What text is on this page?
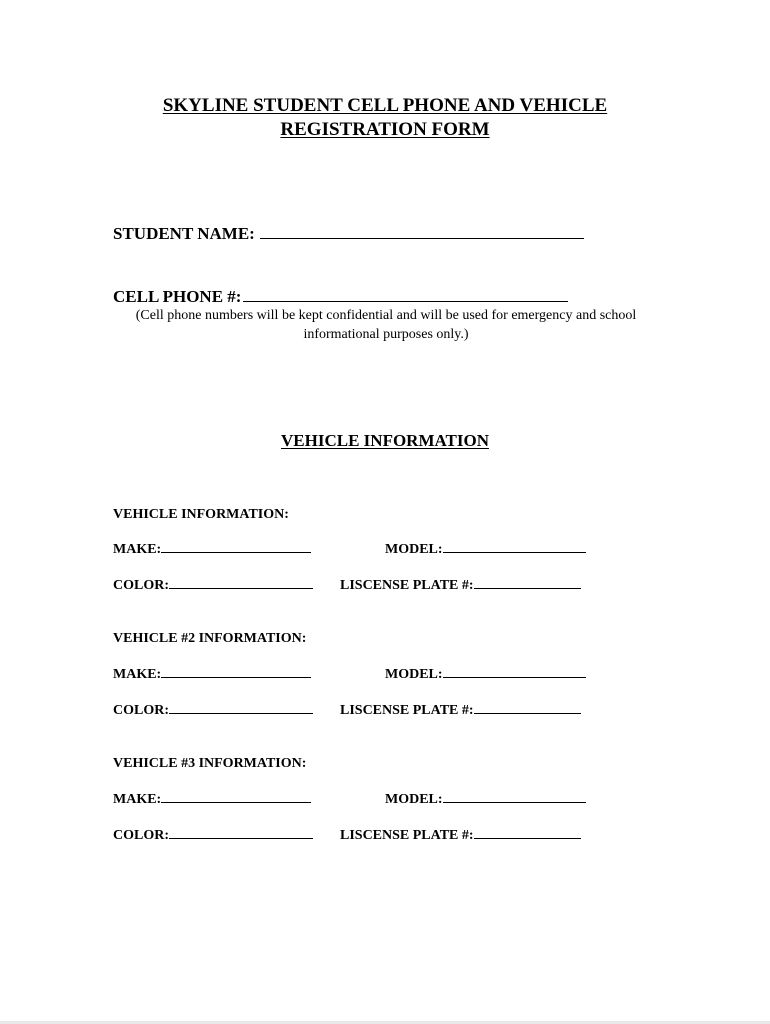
SKYLINE STUDENT CELL PHONE AND VEHICLE
REGISTRATION FORM
STUDENT NAME:
CELL PHONE #:
(Cell phone numbers will be kept confidential and will be used for emergency and school
informational purposes only.)
VEHICLE INFORMATION
VEHICLE INFORMATION:
MAKE:	MODEL:
COLOR:	LISCENSE PLATE #:
VEHICLE #2 INFORMATION:
MAKE:	MODEL:
COLOR:	LISCENSE PLATE #:
VEHICLE #3 INFORMATION:
MAKE:	MODEL:
COLOR:	LISCENSE PLATE #:
